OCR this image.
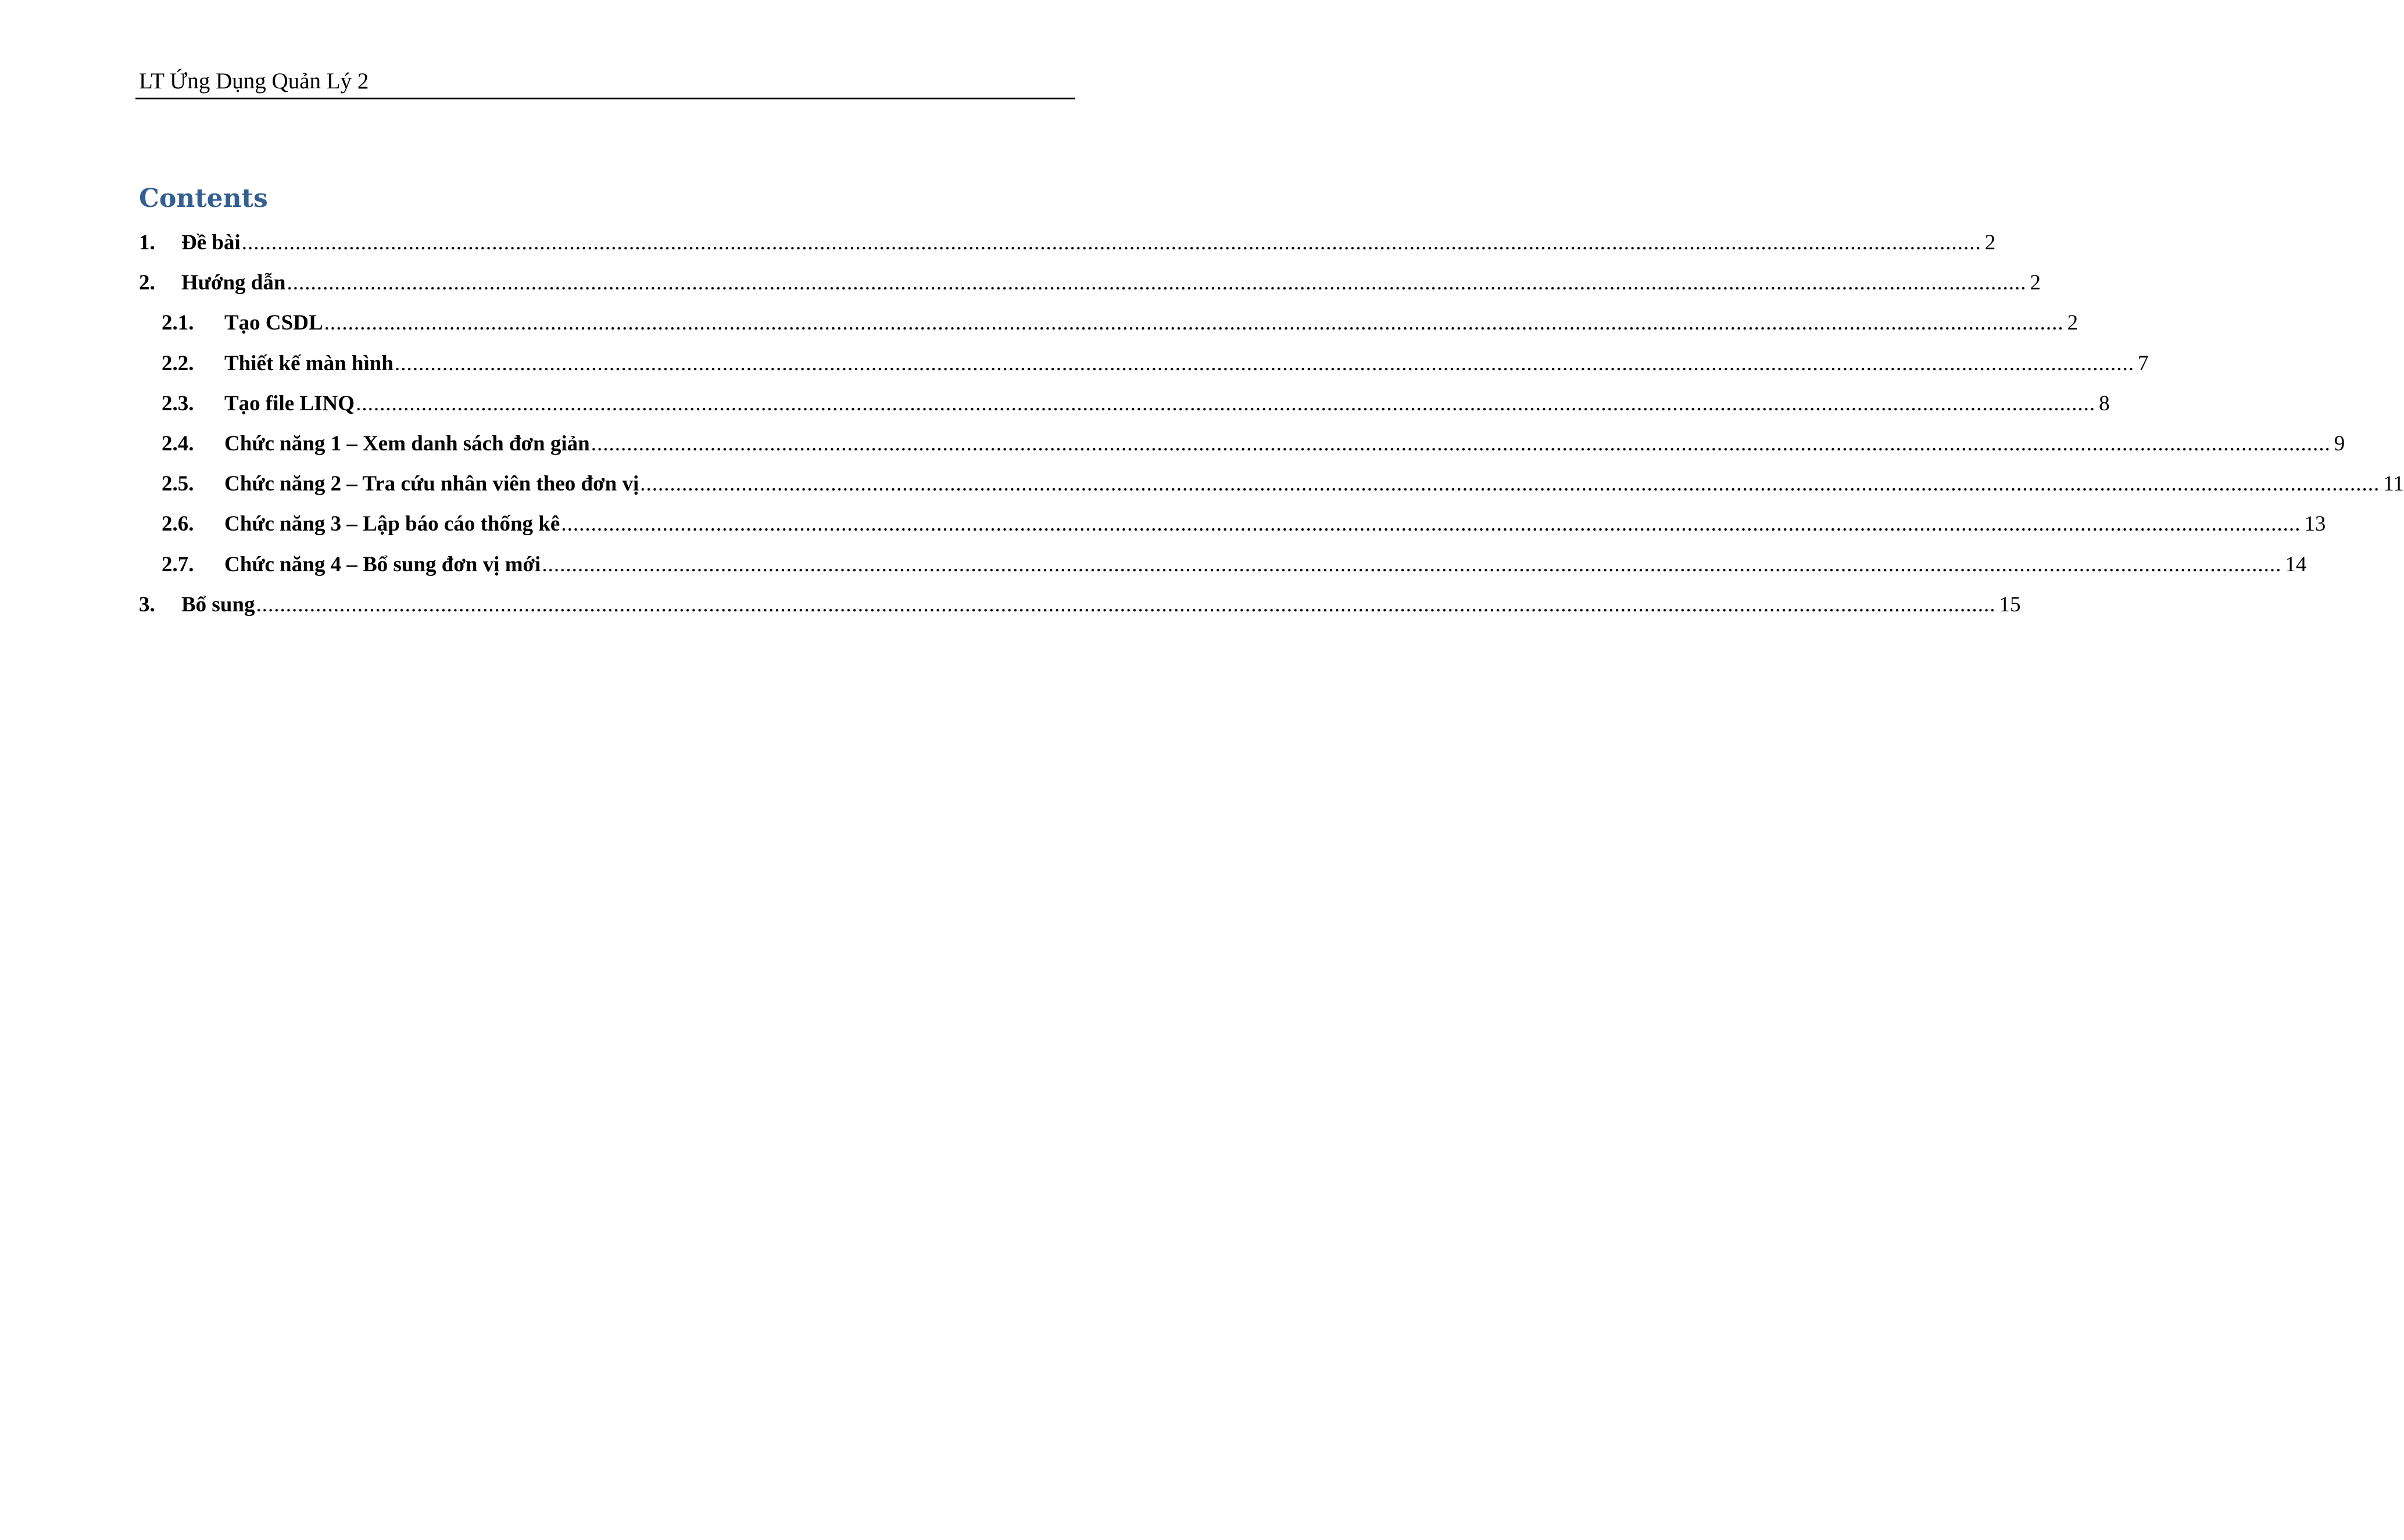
LT Ứng Dụng Quản Lý 2
Contents
1. Đề bài .................................................................................................................................................................................................................................................................................................... 2
2. Hướng dẫn .................................................................................................................................................................................................................................................................................................... 2
2.1. Tạo CSDL .................................................................................................................................................................................................................................................................................................... 2
2.2. Thiết kế màn hình .................................................................................................................................................................................................................................................................................................... 7
2.3. Tạo file LINQ .................................................................................................................................................................................................................................................................................................... 8
2.4. Chức năng 1 – Xem danh sách đơn giản .................................................................................................................................................................................................................................................................................................... 9
2.5. Chức năng 2 – Tra cứu nhân viên theo đơn vị .................................................................................................................................................................................................................................................................................................... 11
2.6. Chức năng 3 – Lập báo cáo thống kê .................................................................................................................................................................................................................................................................................................... 13
2.7. Chức năng 4 – Bổ sung đơn vị mới .................................................................................................................................................................................................................................................................................................... 14
3. Bổ sung .................................................................................................................................................................................................................................................................................................... 15
